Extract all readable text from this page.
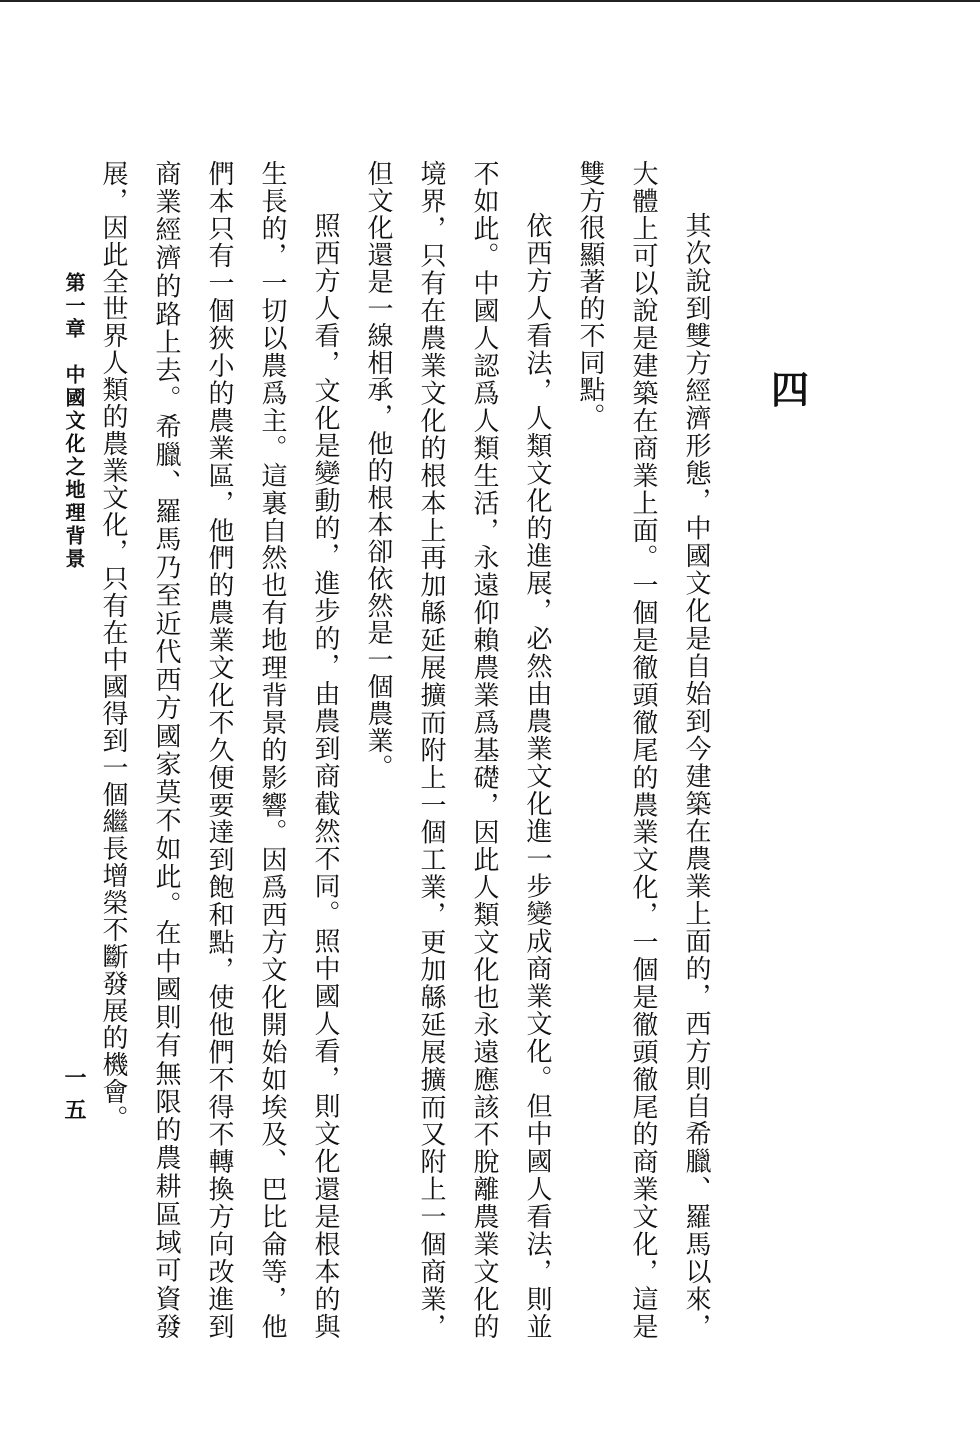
四

其次說到雙方經濟形態，中國文化是自始到今建築在農業上面的，西方則自希臘、羅馬以來，大體上可以說是建築在商業上面。一個是徹頭徹尾的農業文化，一個是徹頭徹尾的商業文化，這是雙方很顯著的不同點。

依西方人看法，人類文化的進展，必然由農業文化進一步變成商業文化。但中國人看法，則並不如此。中國人認爲人類生活，永遠仰賴農業爲基礎，因此人類文化也永遠應該不脫離農業文化的境界，只有在農業文化的根本上再加緜延展擴而附上一個工業，更加緜延展擴而又附上一個商業，但文化還是一線相承，他的根本卻依然是一個農業。

照西方人看，文化是變動的，進步的，由農到商截然不同。照中國人看，則文化還是根本的與生長的，一切以農爲主。這裏自然也有地理背景的影響。因爲西方文化開始如埃及、巴比侖等，他們本只有一個狹小的農業區，他們的農業文化不久便要達到飽和點，使他們不得不轉換方向改進到商業經濟的路上去。希臘、羅馬乃至近代西方國家莫不如此。在中國則有無限的農耕區域可資發展，因此全世界人類的農業文化，只有在中國得到一個繼長增榮不斷發展的機會。

第一章　中國文化之地理背景
一五
